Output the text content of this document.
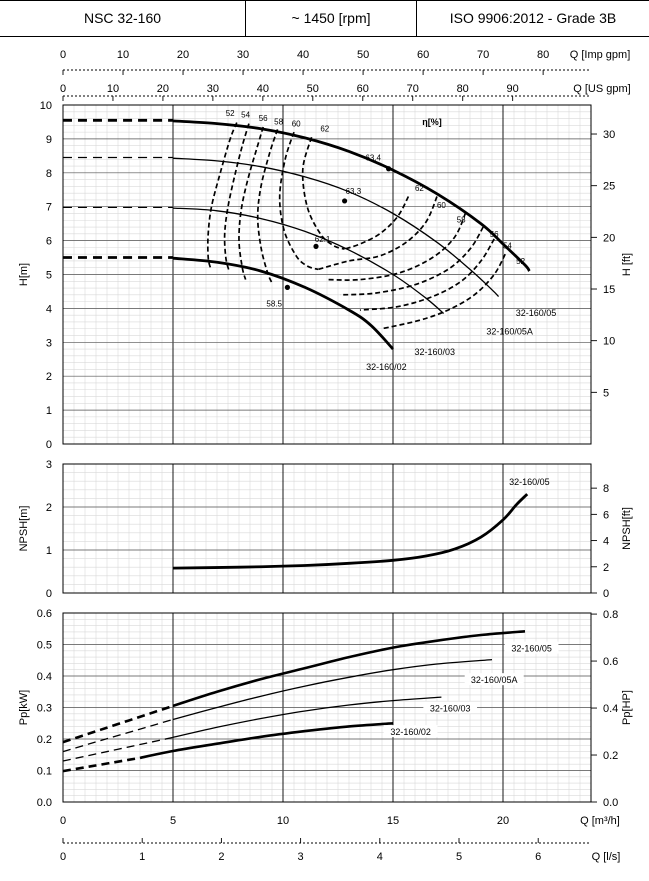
NSC 32-160	~ 1450 [rpm]	ISO 9906:2012 - Grade 3B
0
1
2
3
4
5
6
7
8
9
10
0
1
2
3
0.0
0.1
0.2
0.3
0.4
0.5
0.6
5
10
15
20
25
30
0
2
4
6
8
0.0
0.2
0.4
0.6
0.8
H[m]	H [ft]
NPSH[m]	NPSH[ft]
Pp[kW]	Pp[HP]
0	5	10	15	20	Q [m³/h]
0	1	2	3	4	5	6	Q [l/s]
0	10	20	30	40	50	60	70	80	90	Q [US gpm]
0	10	20	30	40	50	60	70	80 Q [Imp gpm]
32-160/05
32-160/05A
32-160/03
32-160/02
52
52
54
54
56
56
58
58
60
60
62
62
63.4
63.3
62.1
58.5
η[%]
32-160/05
32-160/05
32-160/05A
32-160/03
32-160/02
